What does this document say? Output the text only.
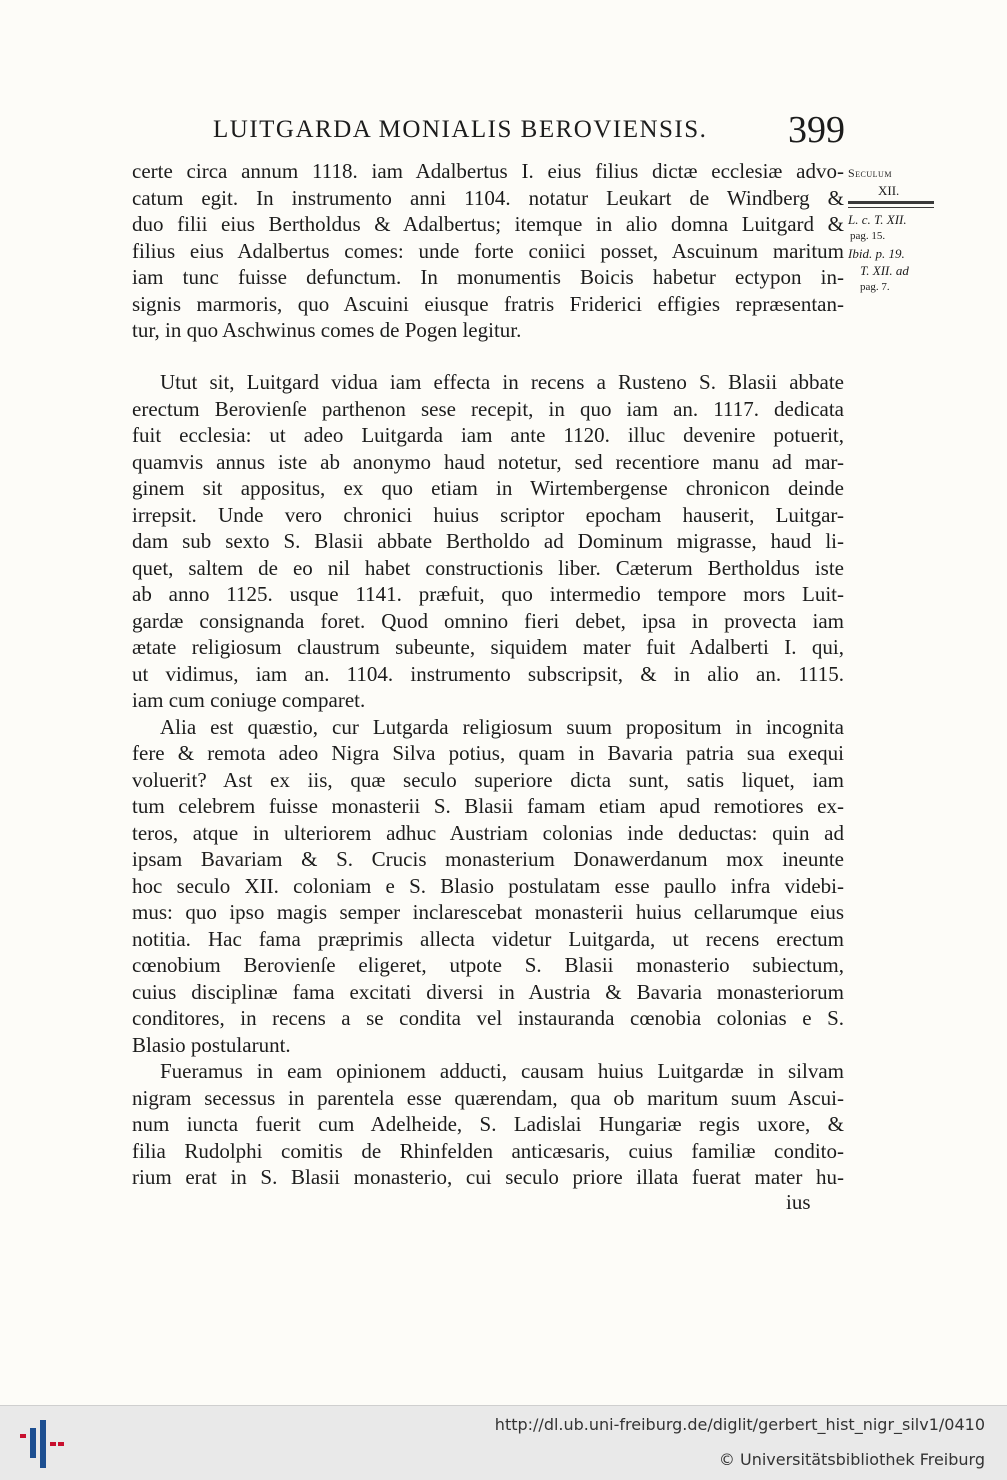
LUITGARDA MONIALIS BEROVIENSIS. 399
certe circa annum 1118. iam Adalbertus I. eius filius dictæ ecclesiæ advo-
catum egit. In instrumento anni 1104. notatur Leukart de Windberg &
duo filii eius Bertholdus & Adalbertus; itemque in alio domna Luitgard &
filius eius Adalbertus comes: unde forte coniici posset, Ascuinum maritum
iam tunc fuisse defunctum. In monumentis Boicis habetur ectypon in-
signis marmoris, quo Ascuini eiusque fratris Friderici effigies repræsentan-
tur, in quo Aschwinus comes de Pogen legitur.
Seculum
XII.
L. c. T. XII.
pag. 15.
Ibid. p. 19.
T. XII. ad
pag. 7.
Utut sit, Luitgard vidua iam effecta in recens a Rusteno S. Blasii abbate
erectum Berovienſe parthenon sese recepit, in quo iam an. 1117. dedicata
fuit ecclesia: ut adeo Luitgarda iam ante 1120. illuc devenire potuerit,
quamvis annus iste ab anonymo haud notetur, sed recentiore manu ad mar-
ginem sit appositus, ex quo etiam in Wirtembergense chronicon deinde
irrepsit. Unde vero chronici huius scriptor epocham hauserit, Luitgar-
dam sub sexto S. Blasii abbate Bertholdo ad Dominum migrasse, haud li-
quet, saltem de eo nil habet constructionis liber. Cæterum Bertholdus iste
ab anno 1125. usque 1141. præfuit, quo intermedio tempore mors Luit-
gardæ consignanda foret. Quod omnino fieri debet, ipsa in provecta iam
ætate religiosum claustrum subeunte, siquidem mater fuit Adalberti I. qui,
ut vidimus, iam an. 1104. instrumento subscripsit, & in alio an. 1115.
iam cum coniuge comparet.
Alia est quæstio, cur Lutgarda religiosum suum propositum in incognita
fere & remota adeo Nigra Silva potius, quam in Bavaria patria sua exequi
voluerit? Ast ex iis, quæ seculo superiore dicta sunt, satis liquet, iam
tum celebrem fuisse monasterii S. Blasii famam etiam apud remotiores ex-
teros, atque in ulteriorem adhuc Austriam colonias inde deductas: quin ad
ipsam Bavariam & S. Crucis monasterium Donawerdanum mox ineunte
hoc seculo XII. coloniam e S. Blasio postulatam esse paullo infra videbi-
mus: quo ipso magis semper inclarescebat monasterii huius cellarumque eius
notitia. Hac fama præprimis allecta videtur Luitgarda, ut recens erectum
cœnobium Berovienſe eligeret, utpote S. Blasii monasterio subiectum,
cuius disciplinæ fama excitati diversi in Austria & Bavaria monasteriorum
conditores, in recens a se condita vel instauranda cœnobia colonias e S.
Blasio postularunt.
Fueramus in eam opinionem adducti, causam huius Luitgardæ in silvam
nigram secessus in parentela esse quærendam, qua ob maritum suum Ascui-
num iuncta fuerit cum Adelheide, S. Ladislai Hungariæ regis uxore, &
filia Rudolphi comitis de Rhinfelden anticæsaris, cuius familiæ condito-
rium erat in S. Blasii monasterio, cui seculo priore illata fuerat mater hu-
ius
http://dl.ub.uni-freiburg.de/diglit/gerbert_hist_nigr_silv1/0410
© Universitätsbibliothek Freiburg
